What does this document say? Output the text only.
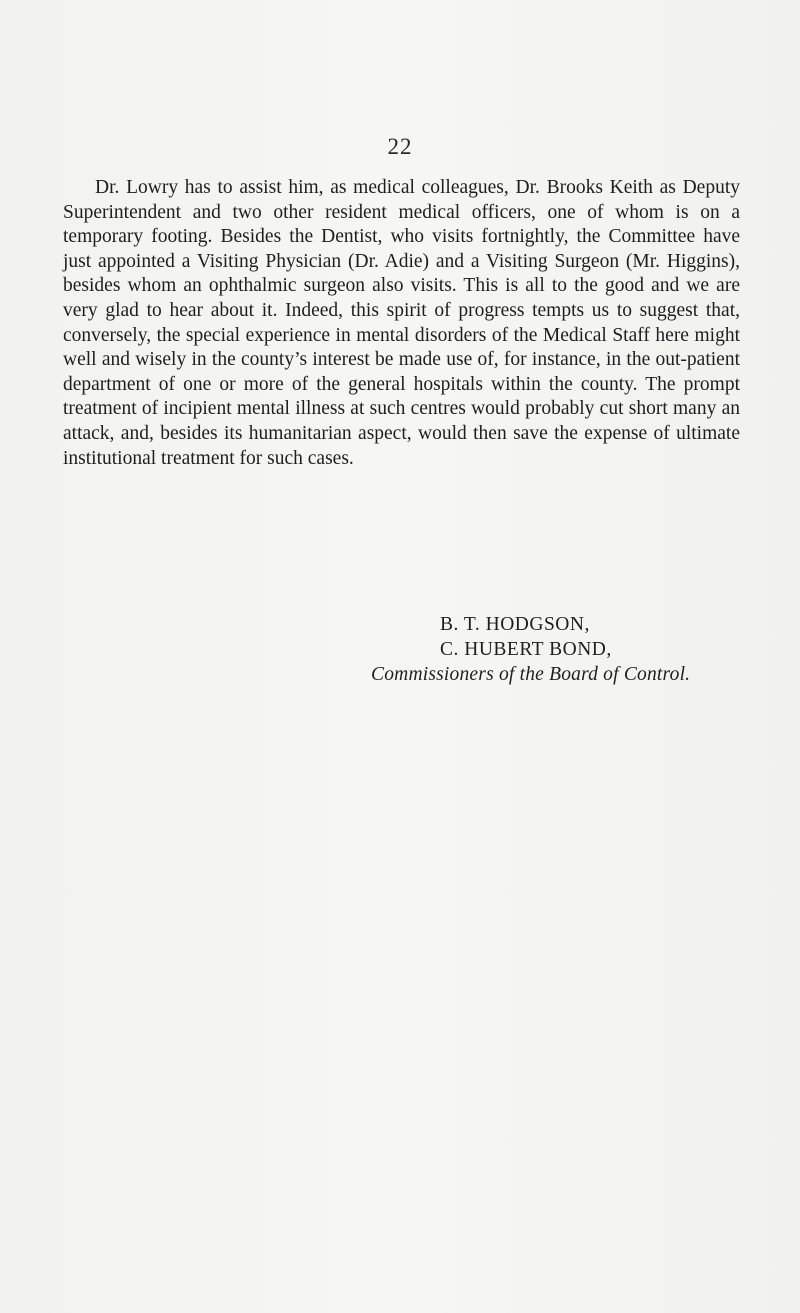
22

Dr. Lowry has to assist him, as medical colleagues, Dr. Brooks Keith as Deputy Superintendent and two other resident medical officers, one of whom is on a temporary footing. Besides the Dentist, who visits fortnightly, the Committee have just appointed a Visiting Physician (Dr. Adie) and a Visiting Surgeon (Mr. Higgins), besides whom an ophthalmic surgeon also visits. This is all to the good and we are very glad to hear about it. Indeed, this spirit of progress tempts us to suggest that, conversely, the special experience in mental disorders of the Medical Staff here might well and wisely in the county’s interest be made use of, for instance, in the out-patient department of one or more of the general hospitals within the county. The prompt treatment of incipient mental illness at such centres would probably cut short many an attack, and, besides its humanitarian aspect, would then save the expense of ultimate institutional treatment for such cases.

B. T. HODGSON,
C. HUBERT BOND,
Commissioners of the Board of Control.
